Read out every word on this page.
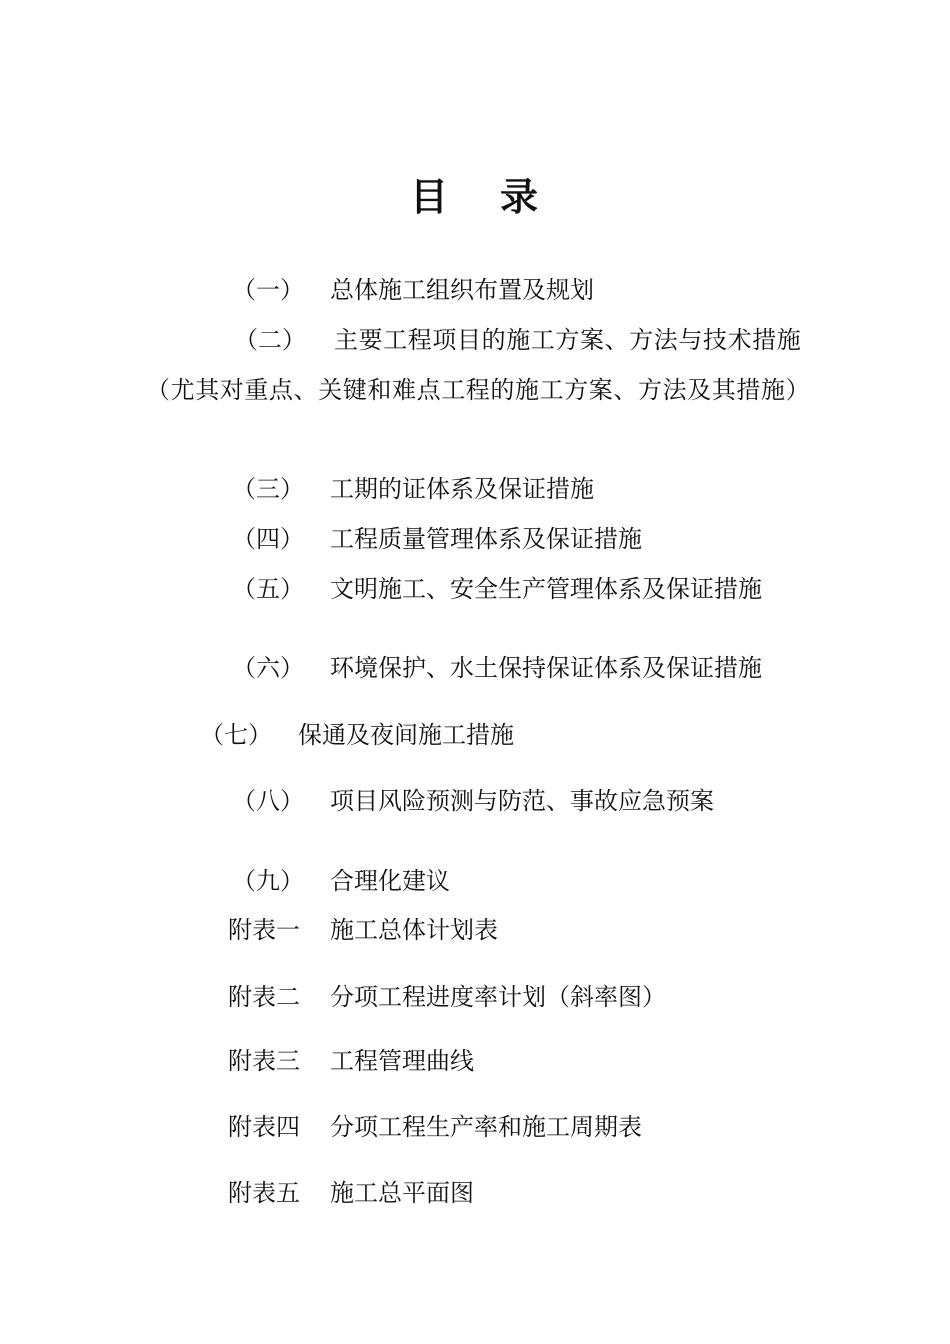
目 录
（一） 总体施工组织布置及规划
（二）	主要工程项目的施工方案、方法与技术措施（尤其对重点、关键和难点工程的施工方案、方法及其措施）
（三） 工期的证体系及保证措施
（四） 工程质量管理体系及保证措施
（五） 文明施工、安全生产管理体系及保证措施
（六） 环境保护、水土保持保证体系及保证措施
（七） 保通及夜间施工措施
（八） 项目风险预测与防范、事故应急预案
（九） 合理化建议
附表一 施工总体计划表
附表二 分项工程进度率计划（斜率图）
附表三 工程管理曲线
附表四 分项工程生产率和施工周期表
附表五 施工总平面图
